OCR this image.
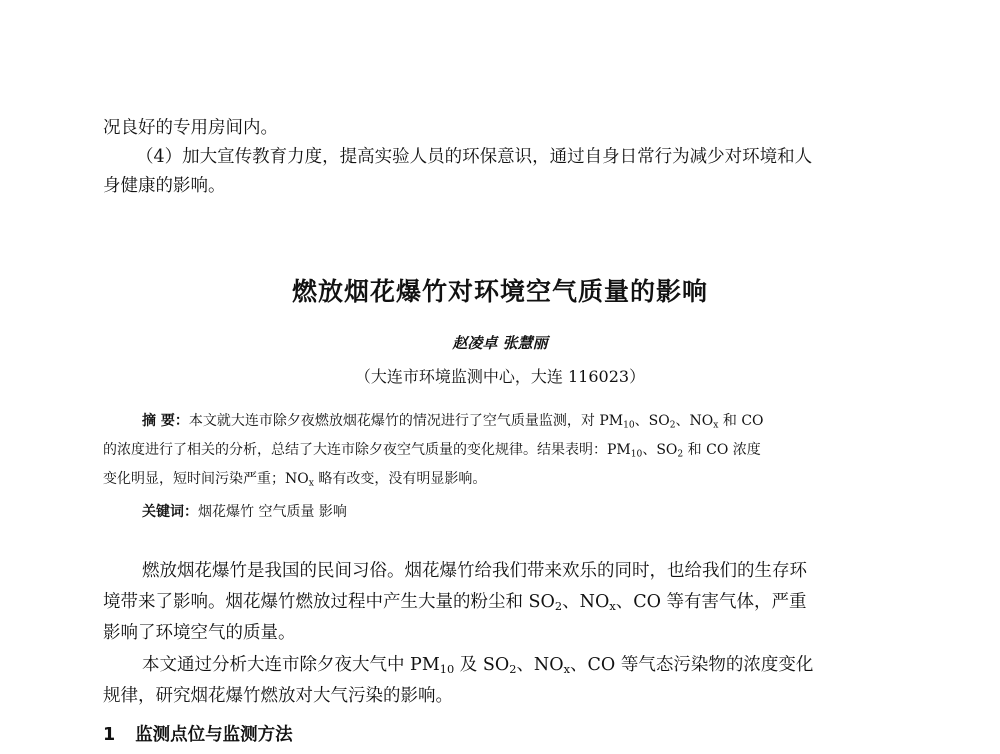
况良好的专用房间内。
（4）加大宣传教育力度，提高实验人员的环保意识，通过自身日常行为减少对环境和人
身健康的影响。
燃放烟花爆竹对环境空气质量的影响
赵凌卓 张慧丽
（大连市环境监测中心，大连 116023）
摘 要：本文就大连市除夕夜燃放烟花爆竹的情况进行了空气质量监测，对 $PM_{10}$、$SO_2$、$NO_x$ 和 CO
的浓度进行了相关的分析，总结了大连市除夕夜空气质量的变化规律。结果表明：$PM_{10}$、$SO_2$ 和 CO 浓度
变化明显，短时间污染严重；$NO_x$ 略有改变，没有明显影响。
关键词：烟花爆竹 空气质量 影响
燃放烟花爆竹是我国的民间习俗。烟花爆竹给我们带来欢乐的同时，也给我们的生存环
境带来了影响。烟花爆竹燃放过程中产生大量的粉尘和 $SO_2$、$NO_x$、CO 等有害气体，严重
影响了环境空气的质量。
本文通过分析大连市除夕夜大气中 $PM_{10}$ 及 $SO_2$、$NO_x$、CO 等气态污染物的浓度变化
规律，研究烟花爆竹燃放对大气污染的影响。
1 监测点位与监测方法
